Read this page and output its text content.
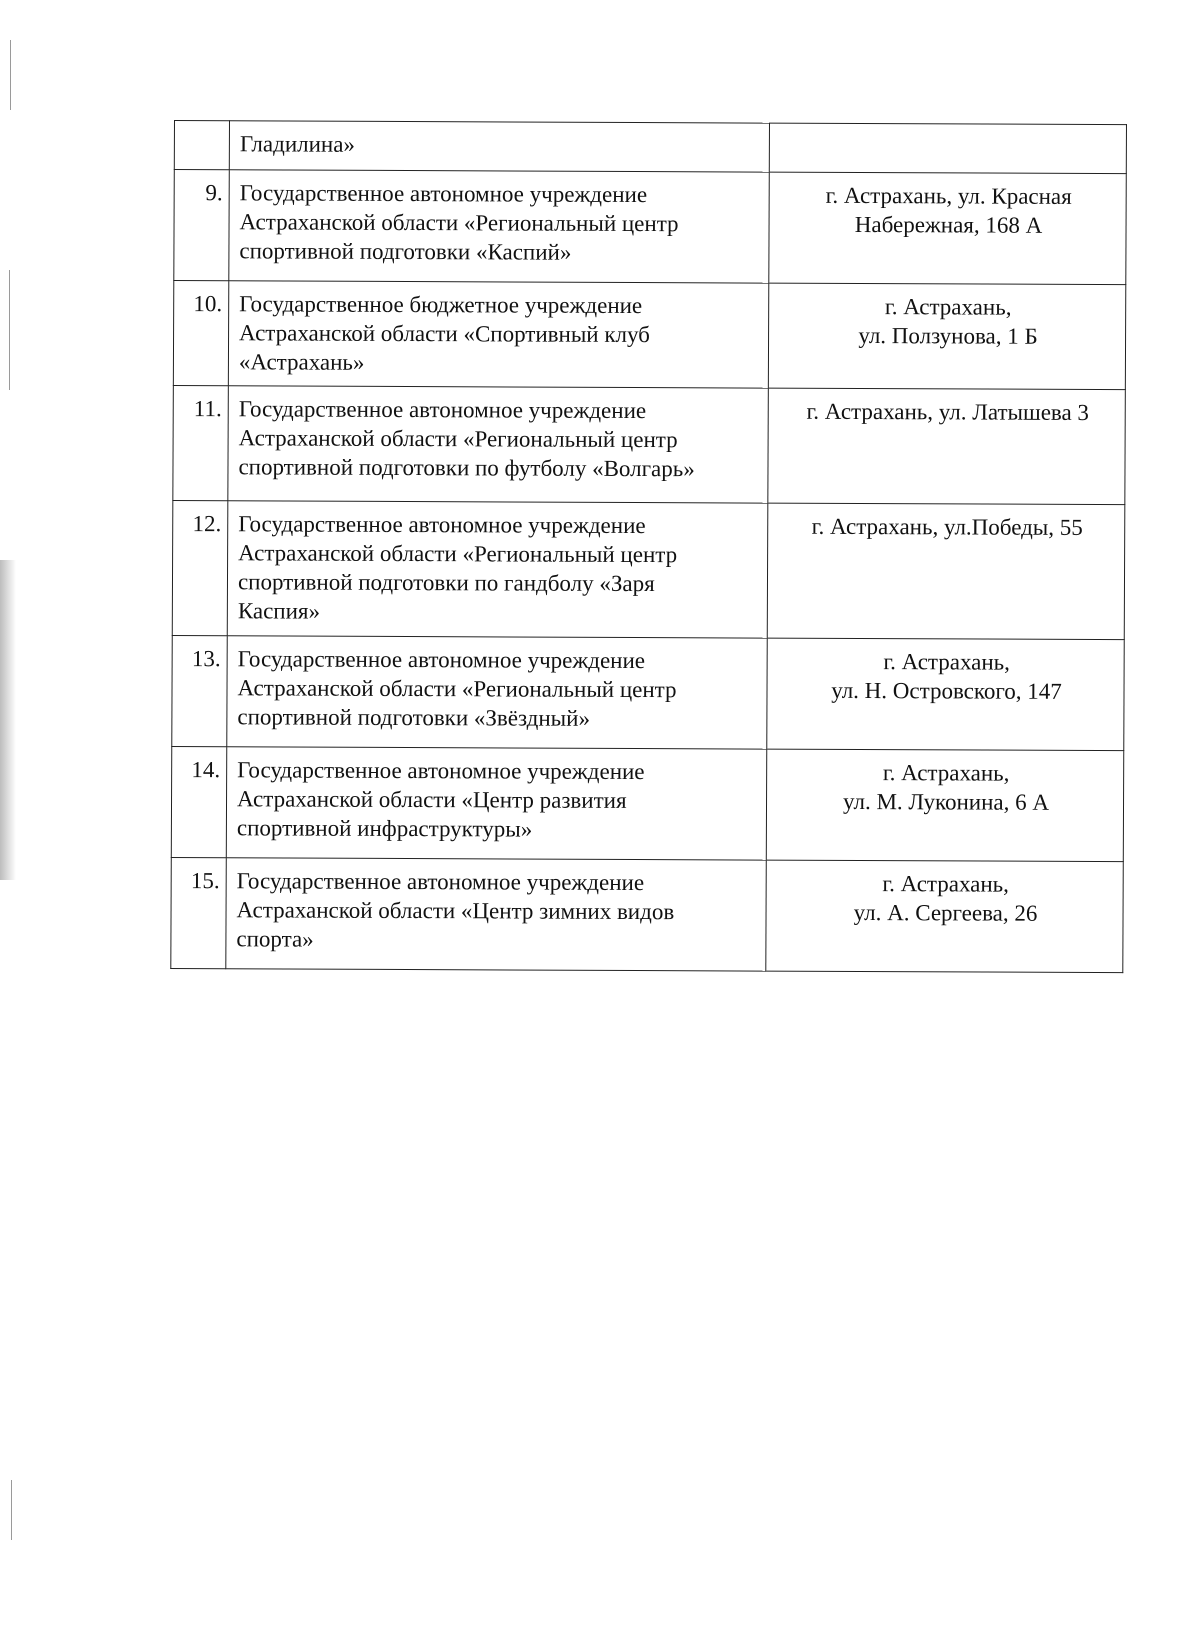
	Гладилина»	

9.	Государственное автономное учреждение
Астраханской области «Региональный центр
спортивной подготовки «Каспий»	г. Астрахань, ул. Красная
Набережная, 168 А

10.	Государственное бюджетное учреждение
Астраханской области «Спортивный клуб
«Астрахань»	г. Астрахань,
ул. Ползунова, 1 Б

11.	Государственное автономное учреждение
Астраханской области «Региональный центр
спортивной подготовки по футболу «Волгарь»	г. Астрахань, ул. Латышева 3

12.	Государственное автономное учреждение
Астраханской области «Региональный центр
спортивной подготовки по гандболу «Заря
Каспия»	г. Астрахань, ул.Победы, 55

13.	Государственное автономное учреждение
Астраханской области «Региональный центр
спортивной подготовки «Звёздный»	г. Астрахань,
ул. Н. Островского, 147

14.	Государственное автономное учреждение
Астраханской области «Центр развития
спортивной инфраструктуры»	г. Астрахань,
ул. М. Луконина, 6 А

15.	Государственное автономное учреждение
Астраханской области «Центр зимних видов
спорта»	г. Астрахань,
ул. А. Сергеева, 26
